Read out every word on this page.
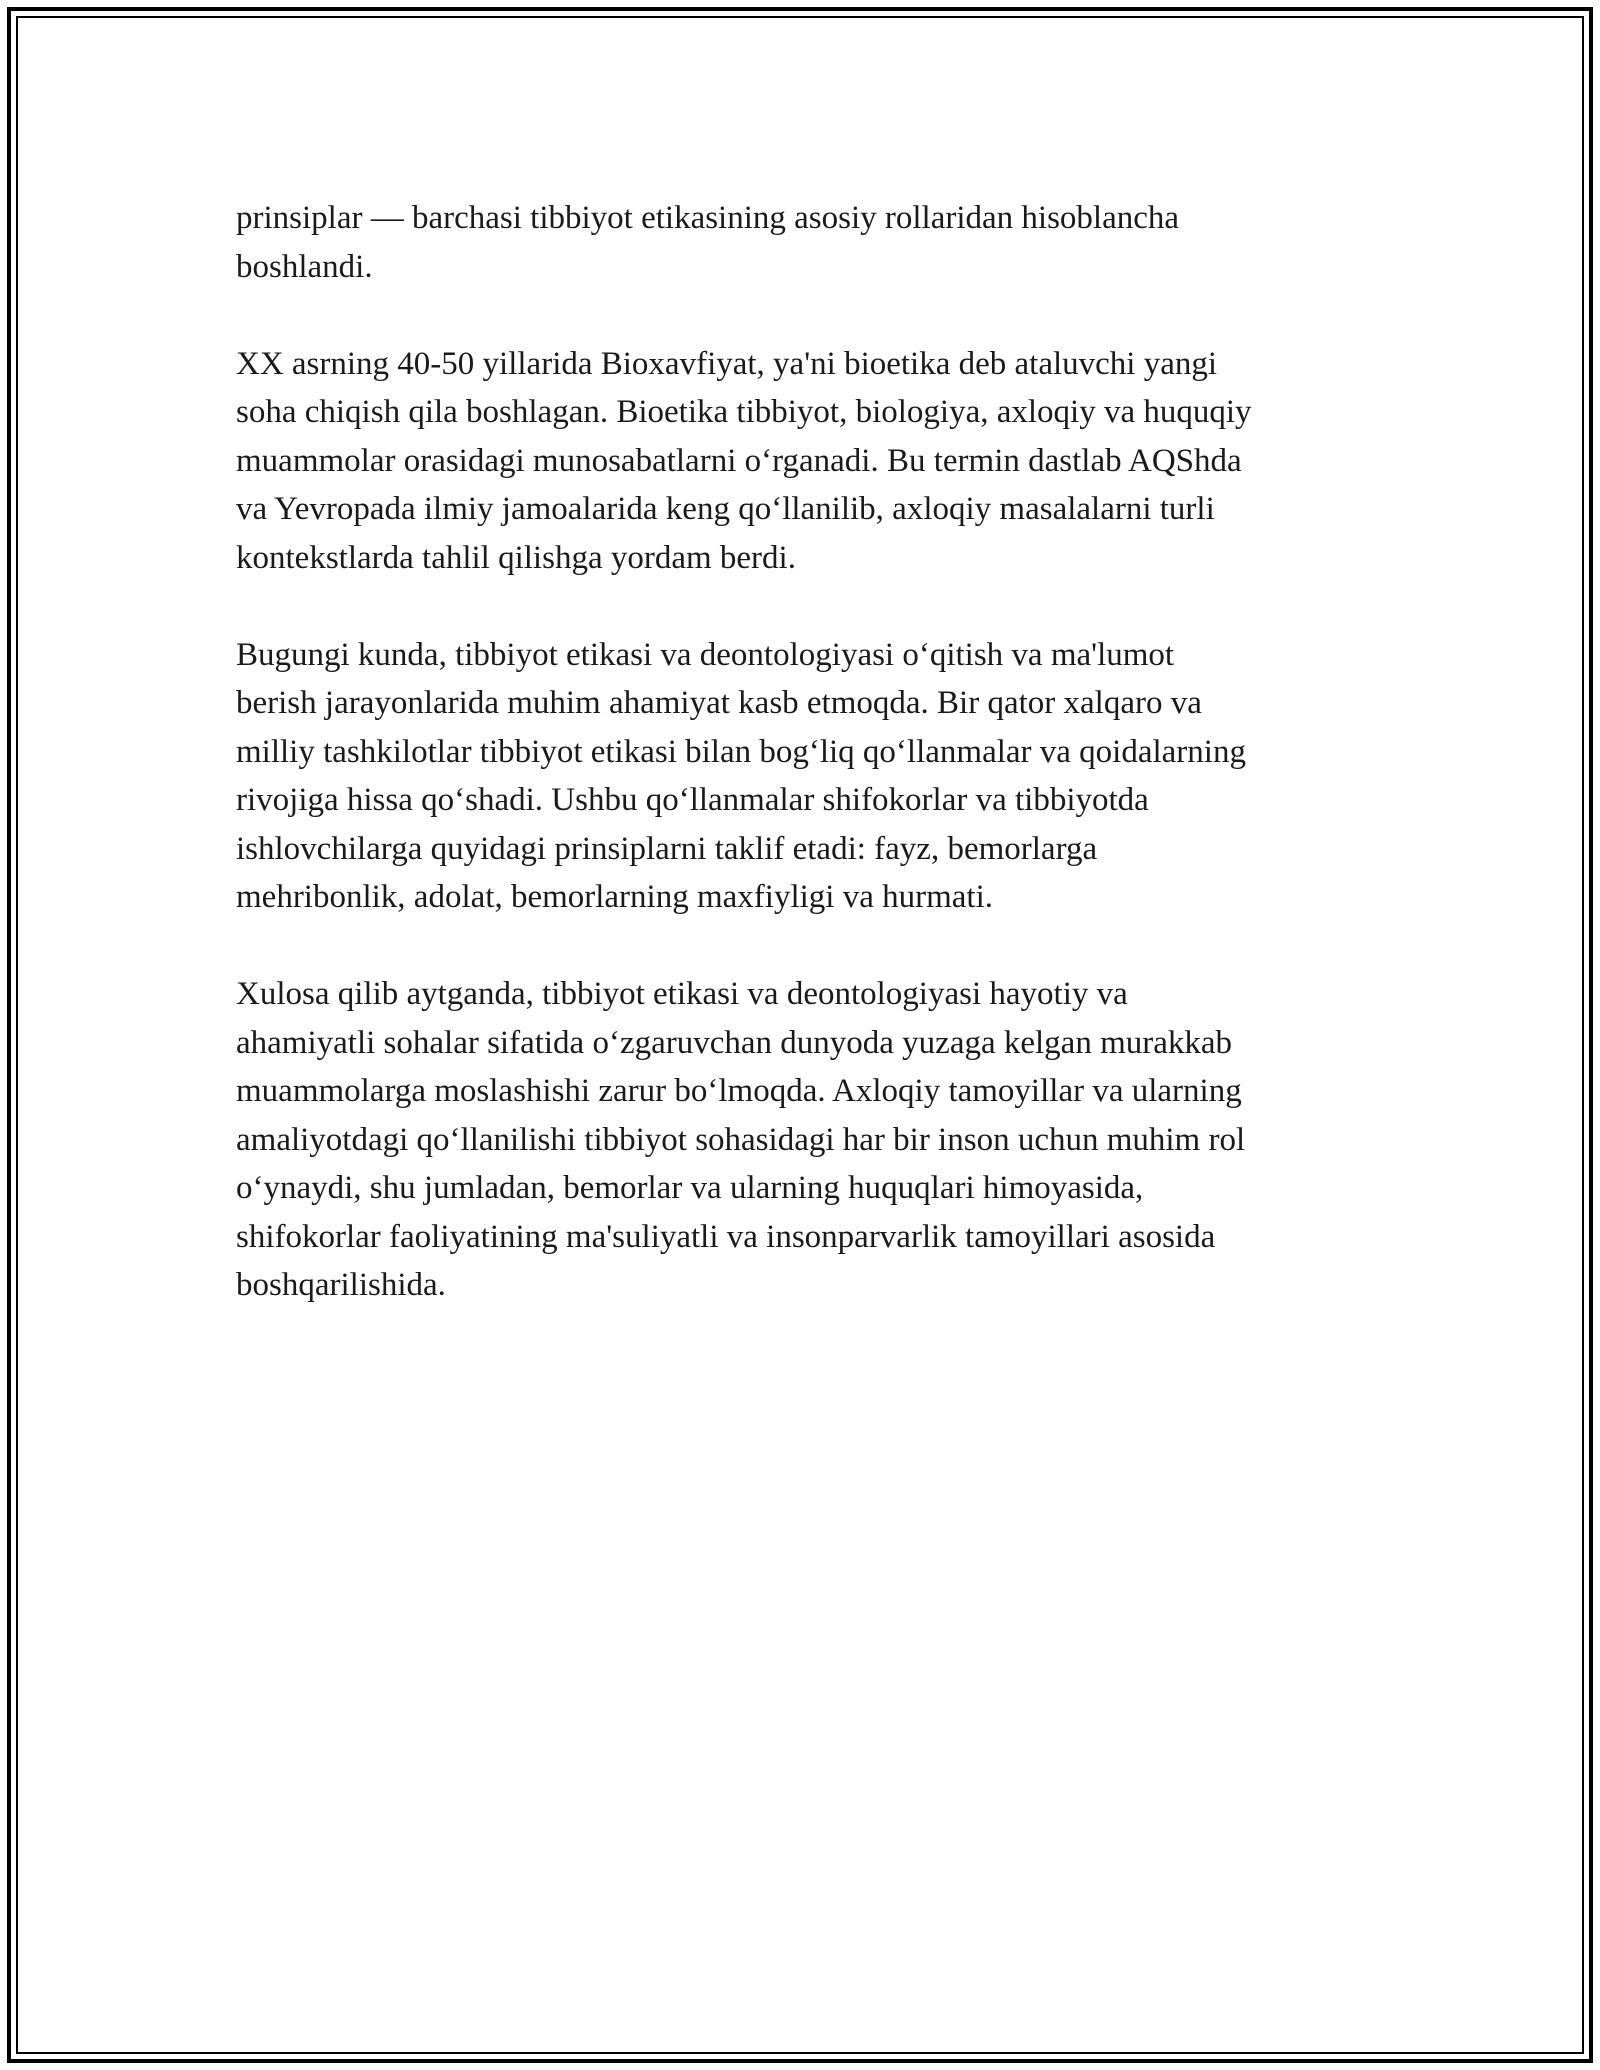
prinsiplar — barchasi tibbiyot etikasining asosiy rollaridan hisoblancha
boshlandi.

XX asrning 40-50 yillarida Bioxavfiyat, ya'ni bioetika deb ataluvchi yangi
soha chiqish qila boshlagan. Bioetika tibbiyot, biologiya, axloqiy va huquqiy
muammolar orasidagi munosabatlarni oʻrganadi. Bu termin dastlab AQShda
va Yevropada ilmiy jamoalarida keng qoʻllanilib, axloqiy masalalarni turli
kontekstlarda tahlil qilishga yordam berdi.

Bugungi kunda, tibbiyot etikasi va deontologiyasi oʻqitish va ma'lumot
berish jarayonlarida muhim ahamiyat kasb etmoqda. Bir qator xalqaro va
milliy tashkilotlar tibbiyot etikasi bilan bogʻliq qoʻllanmalar va qoidalarning
rivojiga hissa qoʻshadi. Ushbu qoʻllanmalar shifokorlar va tibbiyotda
ishlovchilarga quyidagi prinsiplarni taklif etadi: fayz, bemorlarga
mehribonlik, adolat, bemorlarning maxfiyligi va hurmati.

Xulosa qilib aytganda, tibbiyot etikasi va deontologiyasi hayotiy va
ahamiyatli sohalar sifatida oʻzgaruvchan dunyoda yuzaga kelgan murakkab
muammolarga moslashishi zarur boʻlmoqda. Axloqiy tamoyillar va ularning
amaliyotdagi qoʻllanilishi tibbiyot sohasidagi har bir inson uchun muhim rol
oʻynaydi, shu jumladan, bemorlar va ularning huquqlari himoyasida,
shifokorlar faoliyatining ma'suliyatli va insonparvarlik tamoyillari asosida
boshqarilishida.
